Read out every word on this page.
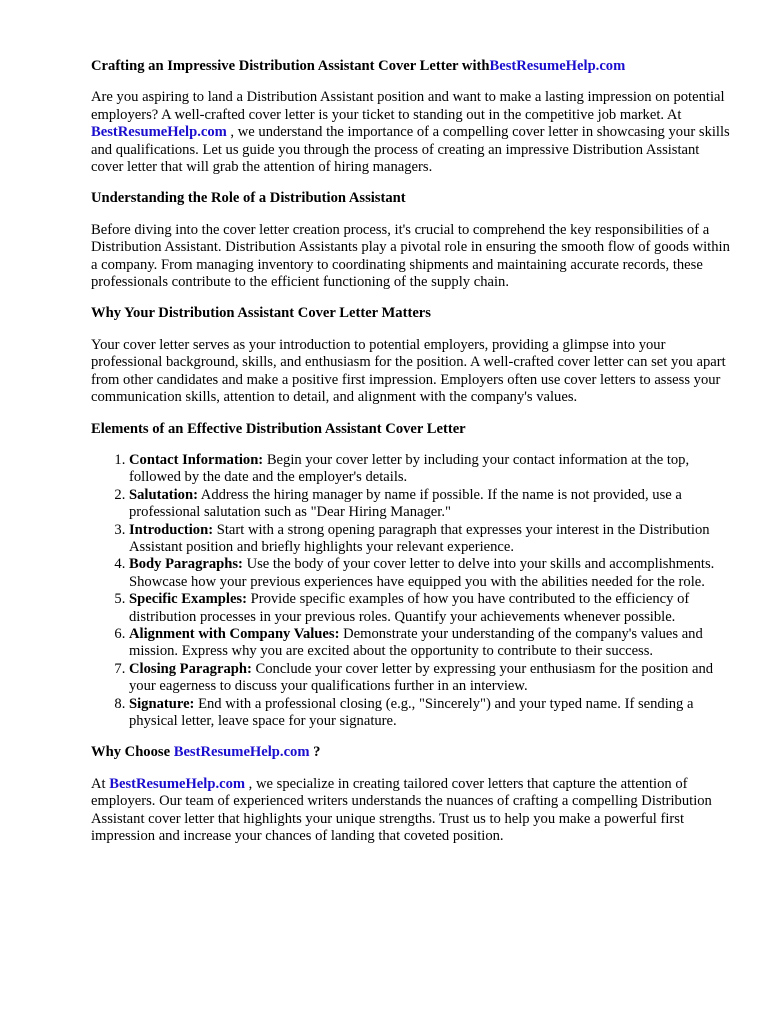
Crafting an Impressive Distribution Assistant Cover Letter withBestResumeHelp.com

Are you aspiring to land a Distribution Assistant position and want to make a lasting impression on potential employers? A well-crafted cover letter is your ticket to standing out in the competitive job market. At BestResumeHelp.com , we understand the importance of a compelling cover letter in showcasing your skills and qualifications. Let us guide you through the process of creating an impressive Distribution Assistant cover letter that will grab the attention of hiring managers.

Understanding the Role of a Distribution Assistant

Before diving into the cover letter creation process, it's crucial to comprehend the key responsibilities of a Distribution Assistant. Distribution Assistants play a pivotal role in ensuring the smooth flow of goods within a company. From managing inventory to coordinating shipments and maintaining accurate records, these professionals contribute to the efficient functioning of the supply chain.

Why Your Distribution Assistant Cover Letter Matters

Your cover letter serves as your introduction to potential employers, providing a glimpse into your professional background, skills, and enthusiasm for the position. A well-crafted cover letter can set you apart from other candidates and make a positive first impression. Employers often use cover letters to assess your communication skills, attention to detail, and alignment with the company's values.

Elements of an Effective Distribution Assistant Cover Letter
1. Contact Information: Begin your cover letter by including your contact information at the top, followed by the date and the employer's details.
2. Salutation: Address the hiring manager by name if possible. If the name is not provided, use a professional salutation such as "Dear Hiring Manager."
3. Introduction: Start with a strong opening paragraph that expresses your interest in the Distribution Assistant position and briefly highlights your relevant experience.
4. Body Paragraphs: Use the body of your cover letter to delve into your skills and accomplishments. Showcase how your previous experiences have equipped you with the abilities needed for the role.
5. Specific Examples: Provide specific examples of how you have contributed to the efficiency of distribution processes in your previous roles. Quantify your achievements whenever possible.
6. Alignment with Company Values: Demonstrate your understanding of the company's values and mission. Express why you are excited about the opportunity to contribute to their success.
7. Closing Paragraph: Conclude your cover letter by expressing your enthusiasm for the position and your eagerness to discuss your qualifications further in an interview.
8. Signature: End with a professional closing (e.g., "Sincerely") and your typed name. If sending a physical letter, leave space for your signature.
Why Choose BestResumeHelp.com ?

At BestResumeHelp.com , we specialize in creating tailored cover letters that capture the attention of employers. Our team of experienced writers understands the nuances of crafting a compelling Distribution Assistant cover letter that highlights your unique strengths. Trust us to help you make a powerful first impression and increase your chances of landing that coveted position.
